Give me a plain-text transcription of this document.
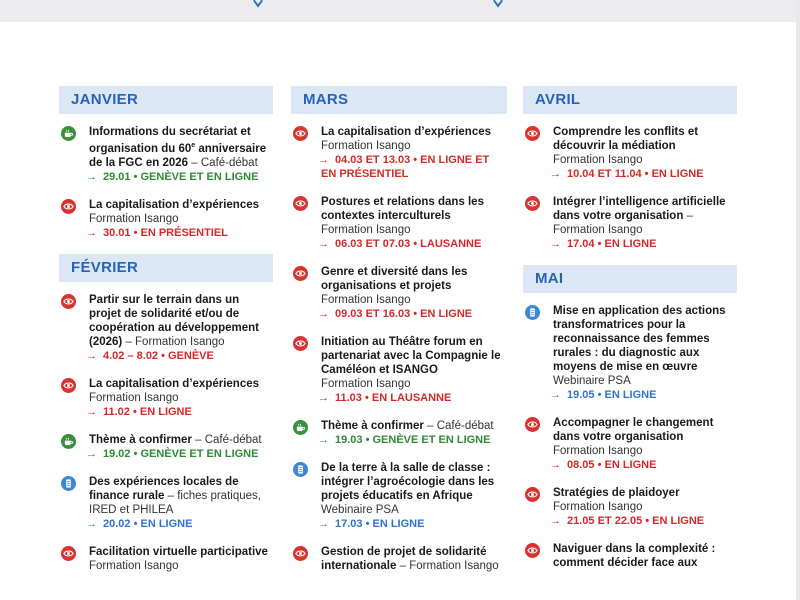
JANVIER
Informations du secrétariat et organisation du 60e anniversaire de la FGC en 2026 – Café-débat
→ 29.01 • GENÈVE ET EN LIGNE
La capitalisation d’expériences
Formation Isango
→ 30.01 • EN PRÉSENTIEL
FÉVRIER
Partir sur le terrain dans un projet de solidarité et/ou de coopération au développement (2026) – Formation Isango
→ 4.02 – 8.02 • GENÈVE
La capitalisation d’expériences
Formation Isango
→ 11.02 • EN LIGNE
Thème à confirmer – Café-débat
→ 19.02 • GENÈVE ET EN LIGNE
Des expériences locales de finance rurale – fiches pratiques, IRED et PHILEA
→ 20.02 • EN LIGNE
Facilitation virtuelle participative
Formation Isango
MARS
La capitalisation d’expériences
Formation Isango
→ 04.03 ET 13.03 • EN LIGNE ET EN PRÉSENTIEL
Postures et relations dans les contextes interculturels
Formation Isango
→ 06.03 ET 07.03 • LAUSANNE
Genre et diversité dans les organisations et projets
Formation Isango
→ 09.03 ET 16.03 • EN LIGNE
Initiation au Théâtre forum en partenariat avec la Compagnie le Caméléon et ISANGO
Formation Isango
→ 11.03 • EN LAUSANNE
Thème à confirmer – Café-débat
→ 19.03 • GENÈVE ET EN LIGNE
De la terre à la salle de classe : intégrer l’agroécologie dans les projets éducatifs en Afrique
Webinaire PSA
→ 17.03 • EN LIGNE
Gestion de projet de solidarité internationale – Formation Isango
AVRIL
Comprendre les conflits et découvrir la médiation
Formation Isango
→ 10.04 ET 11.04 • EN LIGNE
Intégrer l’intelligence artificielle dans votre organisation – Formation Isango
→ 17.04 • EN LIGNE
MAI
Mise en application des actions transformatrices pour la reconnaissance des femmes rurales : du diagnostic aux moyens de mise en œuvre
Webinaire PSA
→ 19.05 • EN LIGNE
Accompagner le changement dans votre organisation
Formation Isango
→ 08.05 • EN LIGNE
Stratégies de plaidoyer
Formation Isango
→ 21.05 ET 22.05 • EN LIGNE
Naviguer dans la complexité : comment décider face aux
